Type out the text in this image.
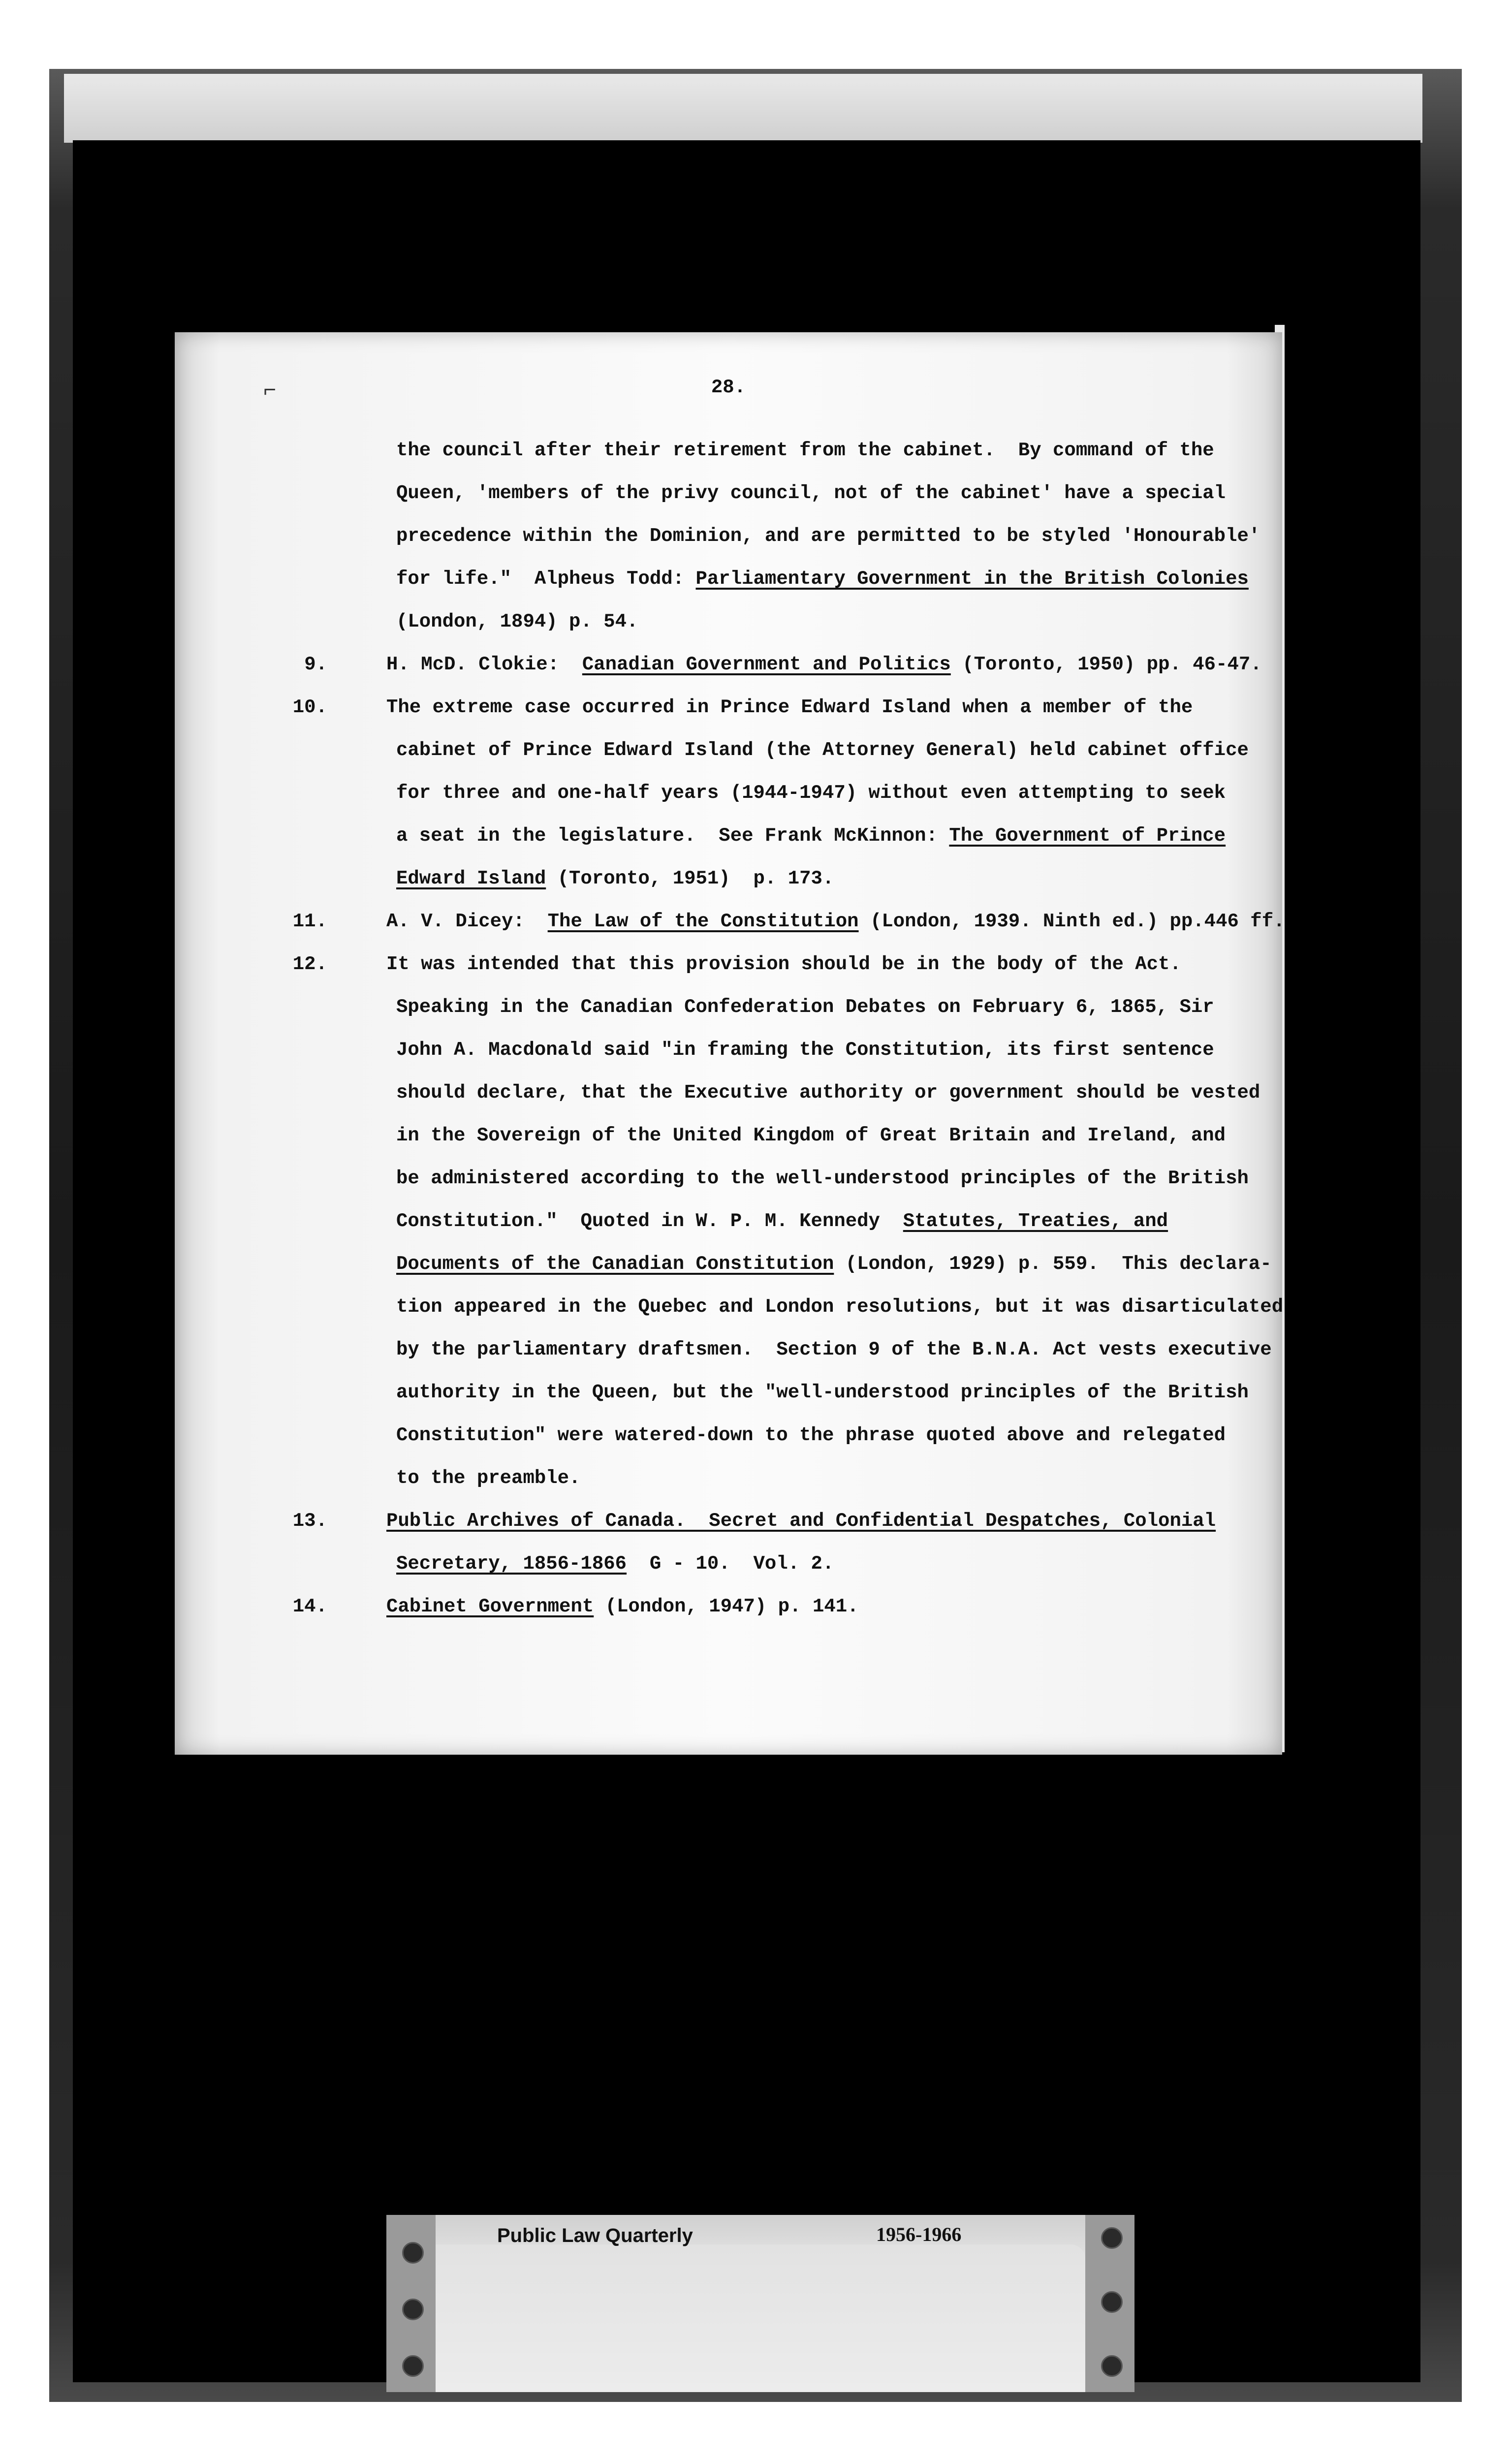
⌐	28.
the council after their retirement from the cabinet.  By command of the
Queen, 'members of the privy council, not of the cabinet' have a special
precedence within the Dominion, and are permitted to be styled 'Honourable'
for life."  Alpheus Todd: Parliamentary Government in the British Colonies
(London, 1894) p. 54.
9.	H. McD. Clokie:  Canadian Government and Politics (Toronto, 1950) pp. 46-47.
10.	The extreme case occurred in Prince Edward Island when a member of the
cabinet of Prince Edward Island (the Attorney General) held cabinet office
for three and one-half years (1944-1947) without even attempting to seek
a seat in the legislature.  See Frank McKinnon: The Government of Prince
Edward Island (Toronto, 1951)  p. 173.
11.	A. V. Dicey:  The Law of the Constitution (London, 1939. Ninth ed.) pp.446 ff.
12.	It was intended that this provision should be in the body of the Act.
Speaking in the Canadian Confederation Debates on February 6, 1865, Sir
John A. Macdonald said "in framing the Constitution, its first sentence
should declare, that the Executive authority or government should be vested
in the Sovereign of the United Kingdom of Great Britain and Ireland, and
be administered according to the well-understood principles of the British
Constitution."  Quoted in W. P. M. Kennedy  Statutes, Treaties, and
Documents of the Canadian Constitution (London, 1929) p. 559.  This declara-
tion appeared in the Quebec and London resolutions, but it was disarticulated
by the parliamentary draftsmen.  Section 9 of the B.N.A. Act vests executive
authority in the Queen, but the "well-understood principles of the British
Constitution" were watered-down to the phrase quoted above and relegated
to the preamble.
13.	Public Archives of Canada.  Secret and Confidential Despatches, Colonial
Secretary, 1856-1866  G - 10.  Vol. 2.
14.	Cabinet Government (London, 1947) p. 141.
Public Law Quarterly	1956-1966
